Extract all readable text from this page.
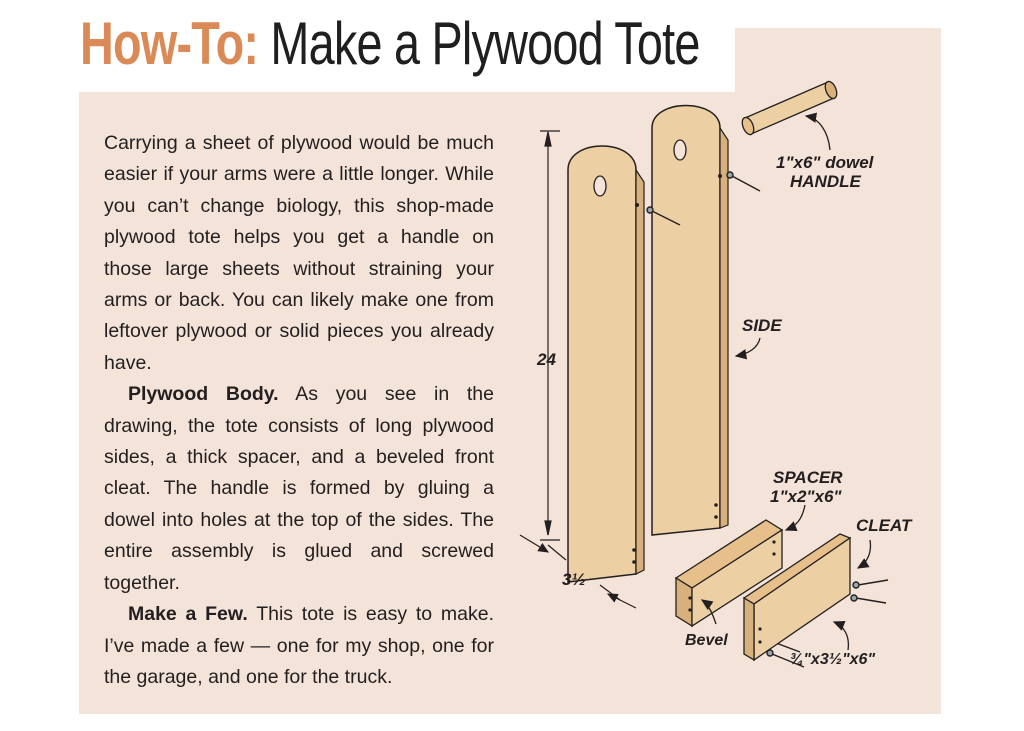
How-To: Make a Plywood Tote

Carrying a sheet of plywood would be much easier if your arms were a little longer. While you can’t change biology, this shop-made plywood tote helps you get a handle on those large sheets without straining your arms or back. You can likely make one from leftover plywood or solid pieces you already have.

Plywood Body. As you see in the drawing, the tote consists of long plywood sides, a thick spacer, and a beveled front cleat. The handle is formed by gluing a dowel into holes at the top of the sides. The entire assembly is glued and screwed together.

Make a Few. This tote is easy to make. I’ve made a few — one for my shop, one for the garage, and one for the truck.

1"x6" dowel
HANDLE
SIDE
24
3½
SPACER
1"x2"x6"
CLEAT
Bevel
¾"x3½"x6"
